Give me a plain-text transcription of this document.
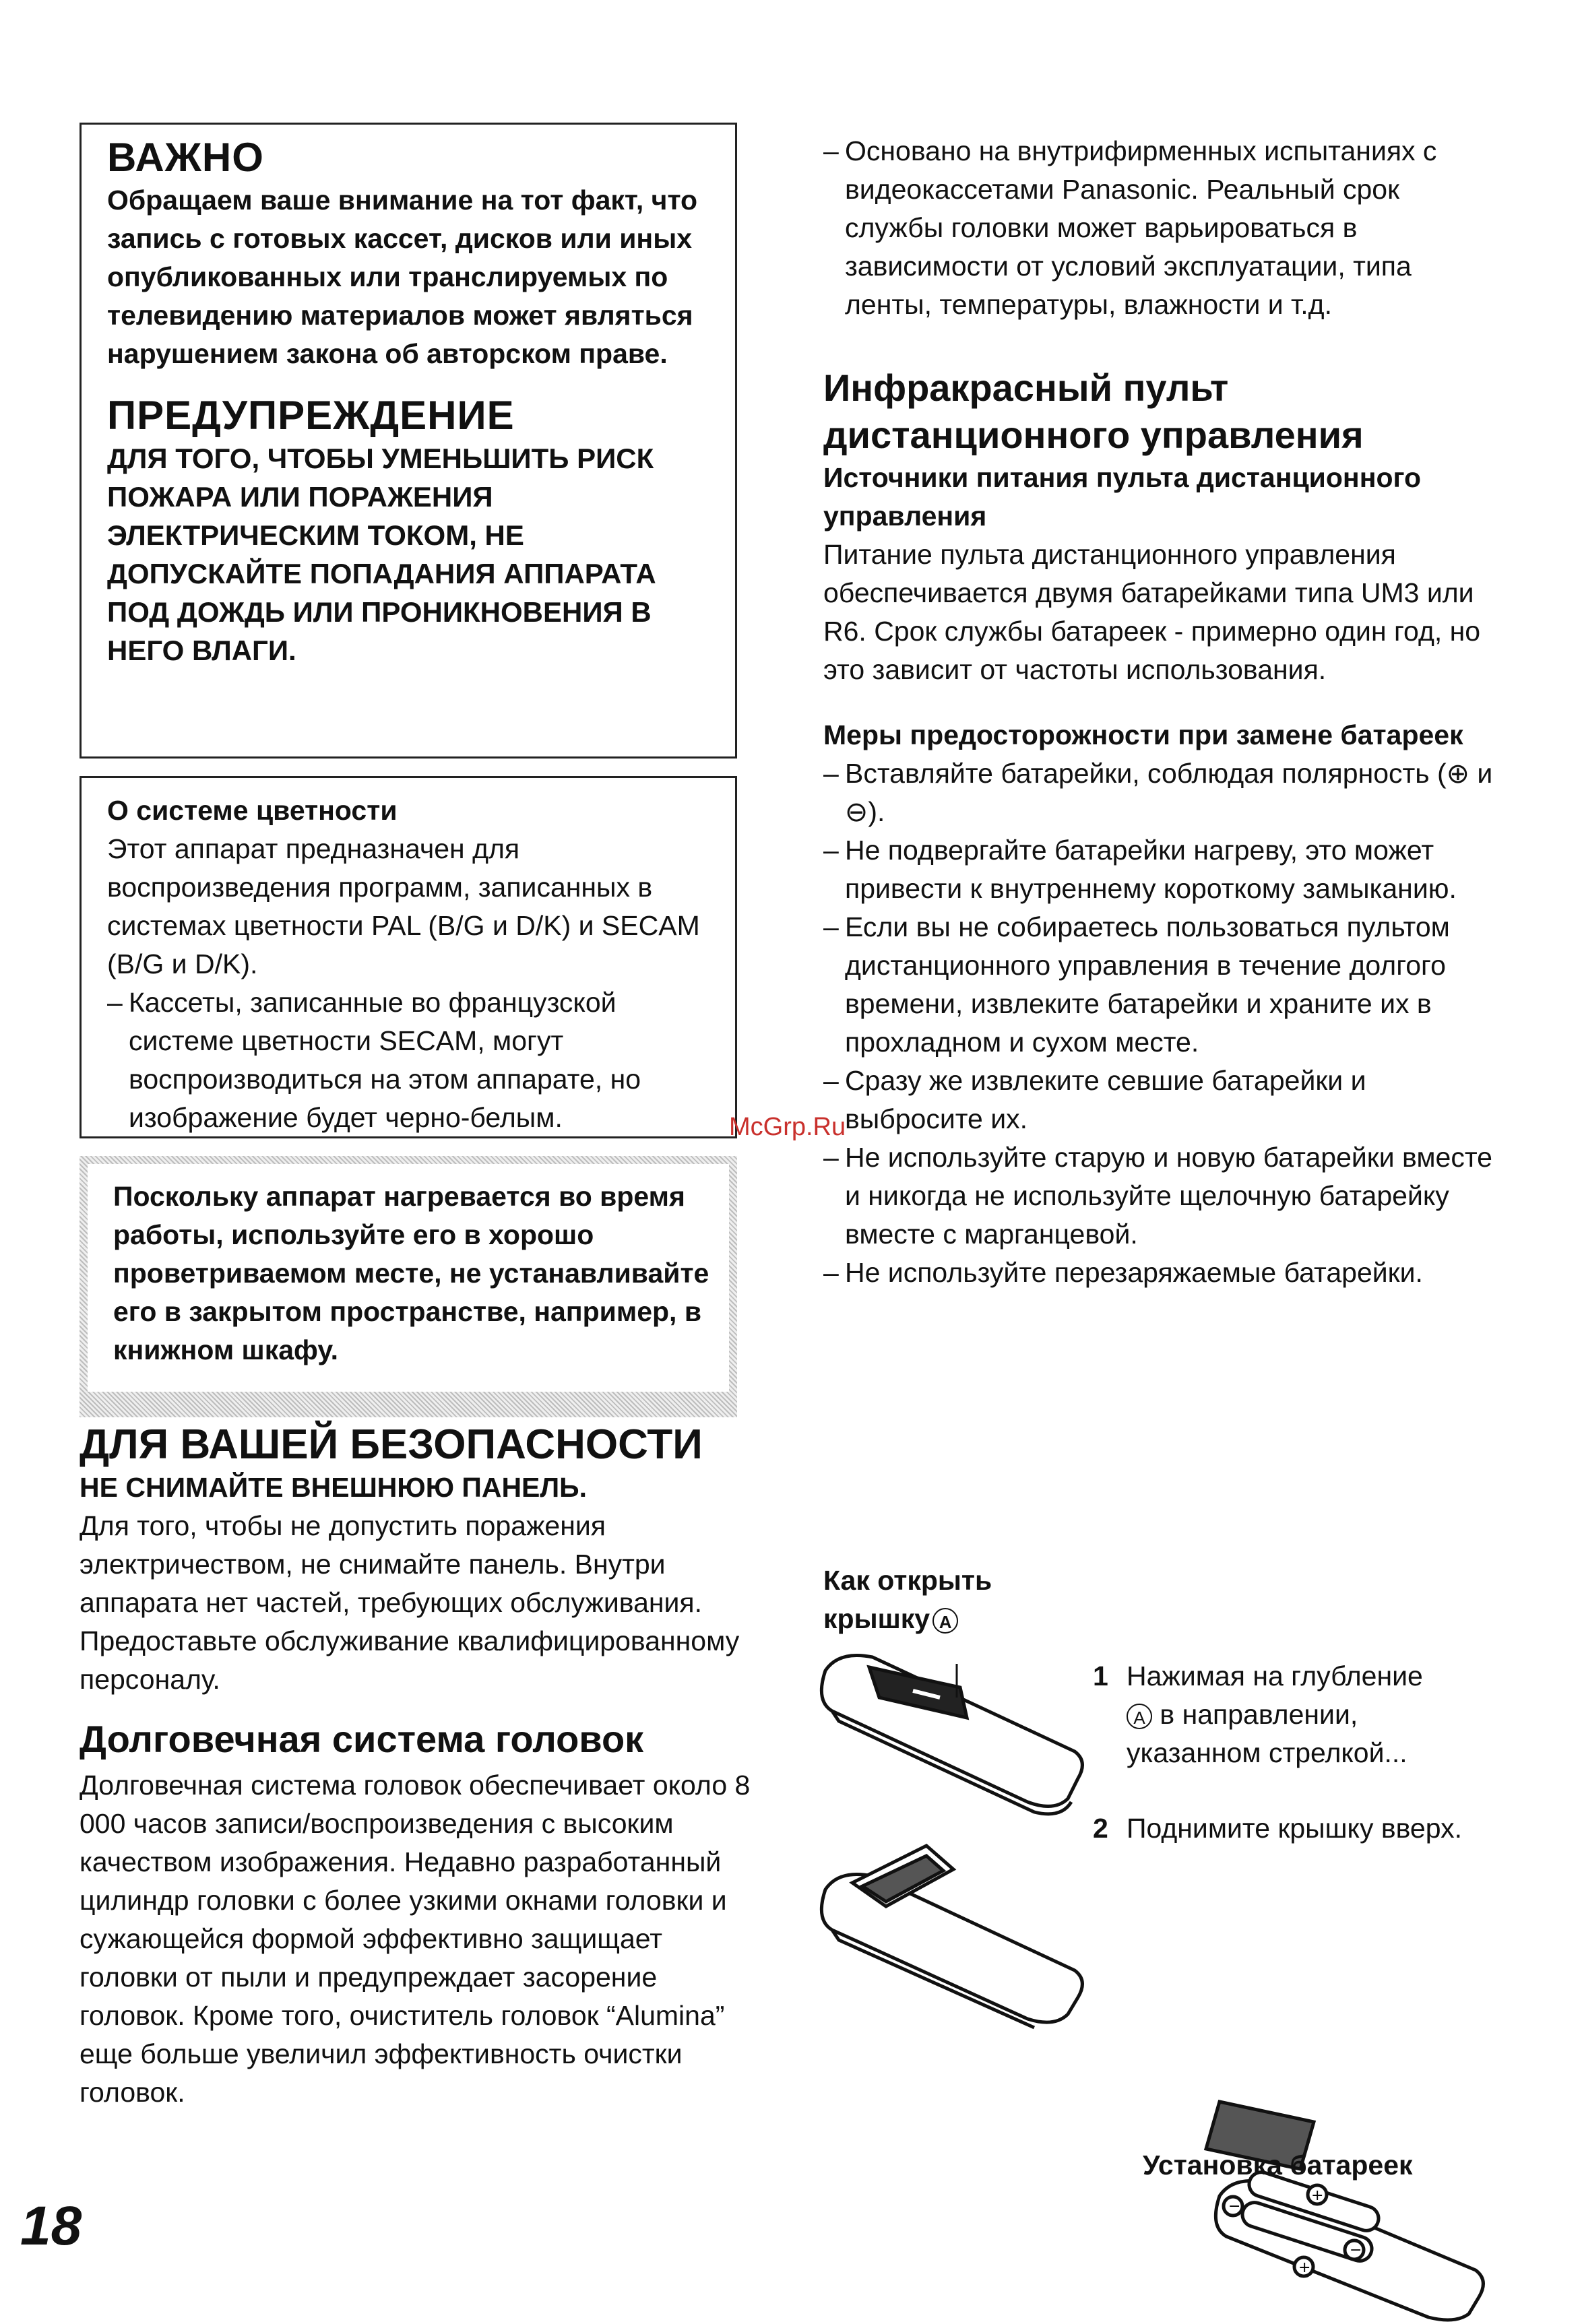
ВАЖНО

Обращаем ваше внимание на тот факт, что запись с готовых кассет, дисков или иных опубликованных или транслируемых по телевидению материалов может являться нарушением закона об авторском праве.

ПРЕДУПРЕЖДЕНИЕ

ДЛЯ ТОГО, ЧТОБЫ УМЕНЬШИТЬ РИСК ПОЖАРА ИЛИ ПОРАЖЕНИЯ ЭЛЕКТРИЧЕСКИМ ТОКОМ, НЕ ДОПУСКАЙТЕ ПОПАДАНИЯ АППАРАТА ПОД ДОЖДЬ ИЛИ ПРОНИКНОВЕНИЯ В НЕГО ВЛАГИ.

О системе цветности

Этот аппарат предназначен для воспроизведения программ, записанных в системах цветности PAL (B/G и D/K) и SECAM (B/G и D/K).

– Кассеты, записанные во французской системе цветности SECAM, могут воспроизводиться на этом аппарате, но изображение будет черно-белым.

Поскольку аппарат нагревается во время работы, используйте его в хорошо проветриваемом месте, не устанавливайте его в закрытом пространстве, например, в книжном шкафу.

ДЛЯ ВАШЕЙ БЕЗОПАСНОСТИ

НЕ СНИМАЙТЕ ВНЕШНЮЮ ПАНЕЛЬ.

Для того, чтобы не допустить поражения электричеством, не снимайте панель. Внутри аппарата нет частей, требующих обслуживания. Предоставьте обслуживание квалифицированному персоналу.

Долговечная система головок

Долговечная система головок обеспечивает около 8 000 часов записи/воспроизведения с высоким качеством изображения. Недавно разработанный цилиндр головки с более узкими окнами головки и сужающейся формой эффективно защищает головки от пыли и предупреждает засорение головок. Кроме того, очиститель головок “Alumina” еще больше увеличил эффективность очистки головок.

– Основано на внутрифирменных испытаниях с видеокассетами Panasonic. Реальный срок службы головки может варьироваться в зависимости от условий эксплуатации, типа ленты, температуры, влажности и т.д.
Инфракрасный пульт дистанционного управления

Источники питания пульта дистанционного управления

Питание пульта дистанционного управления обеспечивается двумя батарейками типа UM3 или R6. Срок службы батареек - примерно один год, но это зависит от частоты использования.

Меры предосторожности при замене батареек

– Вставляйте батарейки, соблюдая полярность (⊕ и ⊖).
– Не подвергайте батарейки нагреву, это может привести к внутреннему короткому замыканию.
– Если вы не собираетесь пользоваться пультом дистанционного управления в течение долгого времени, извлеките батарейки и храните их в прохладном и сухом месте.
– Сразу же извлеките севшие батарейки и выбросите их.
– Не используйте старую и новую батарейки вместе и никогда не используйте щелочную батарейку вместе с марганцевой.
– Не используйте перезаряжаемые батарейки.

Как открыть

крышку A

−
+
−
+
1 Нажимая на глубление
A в направлении, указанном стрелкой...
2 Поднимите крышку вверх.

Установка батареек

McGrp.Ru
18
